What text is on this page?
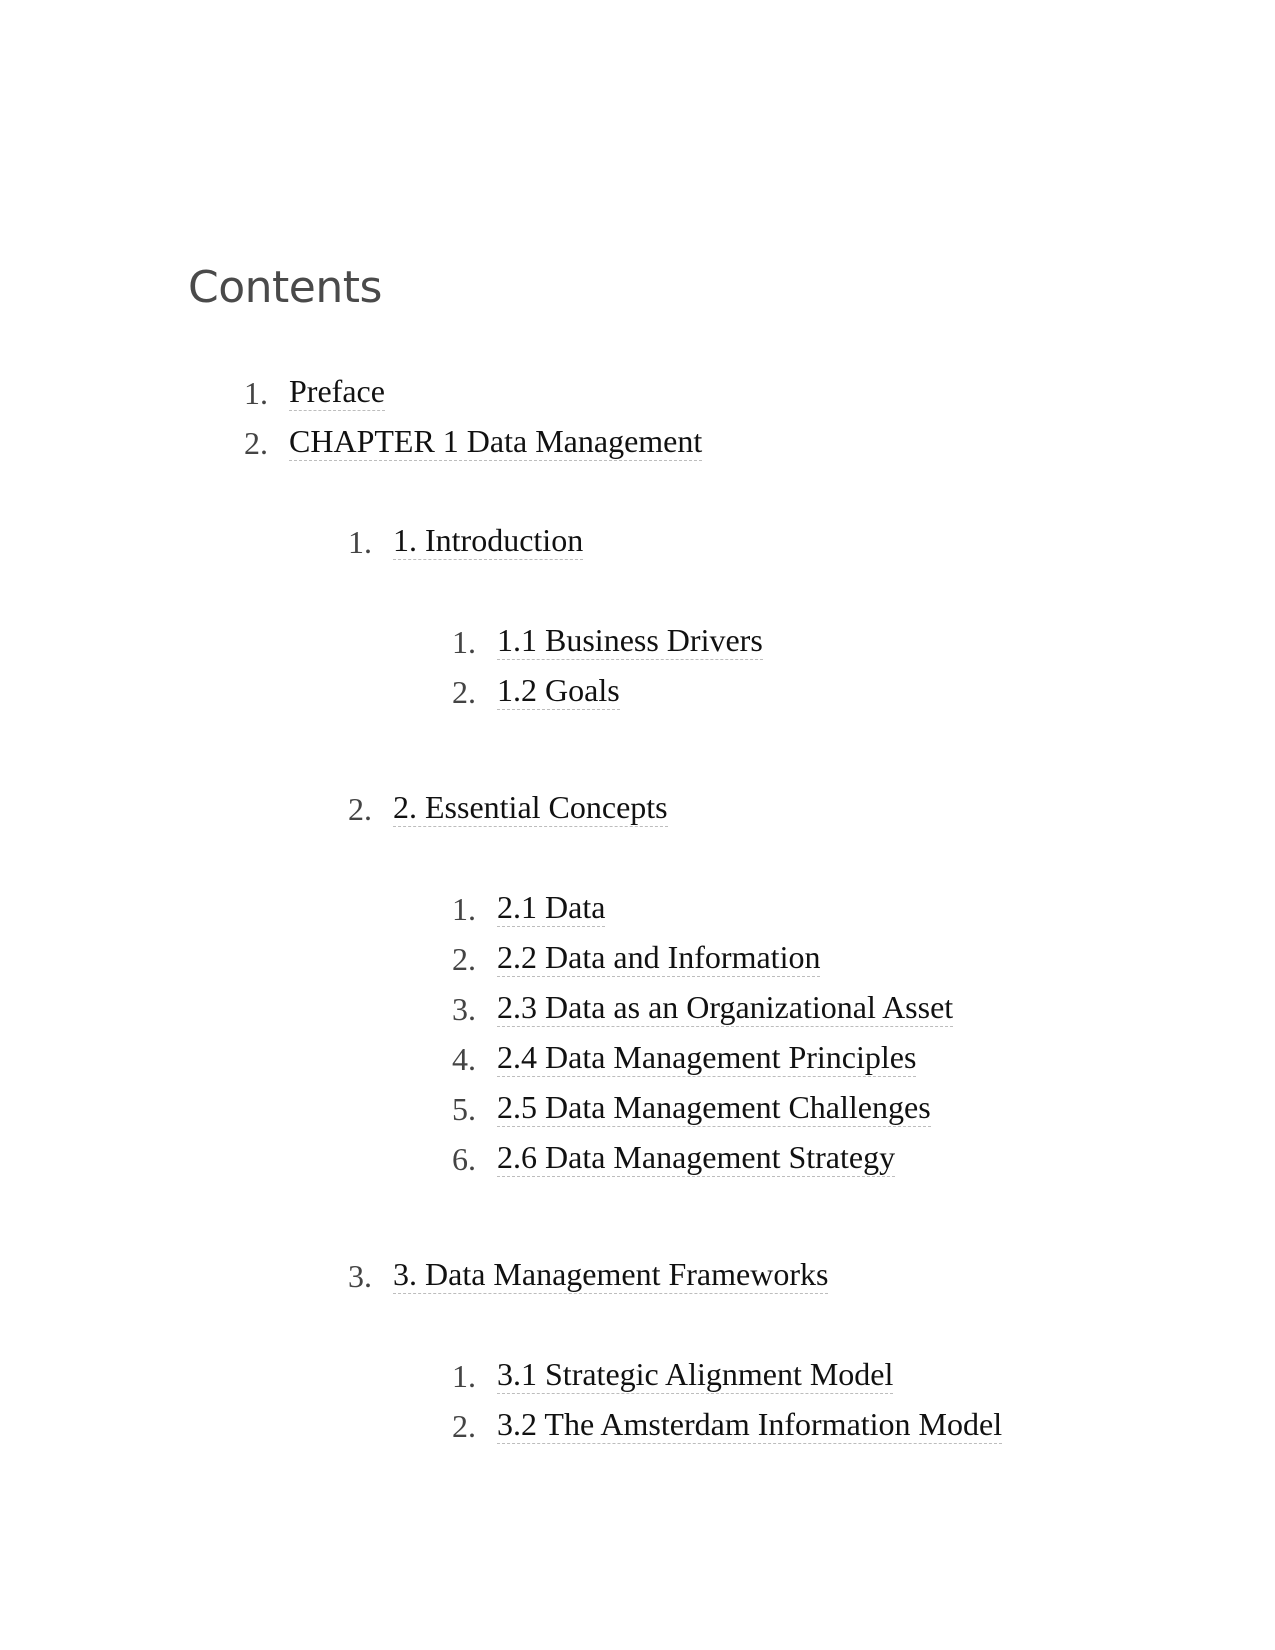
Contents
1. Preface
2. CHAPTER 1 Data Management
1. 1. Introduction
1. 1.1 Business Drivers
2. 1.2 Goals
2. 2. Essential Concepts
1. 2.1 Data
2. 2.2 Data and Information
3. 2.3 Data as an Organizational Asset
4. 2.4 Data Management Principles
5. 2.5 Data Management Challenges
6. 2.6 Data Management Strategy
3. 3. Data Management Frameworks
1. 3.1 Strategic Alignment Model
2. 3.2 The Amsterdam Information Model
